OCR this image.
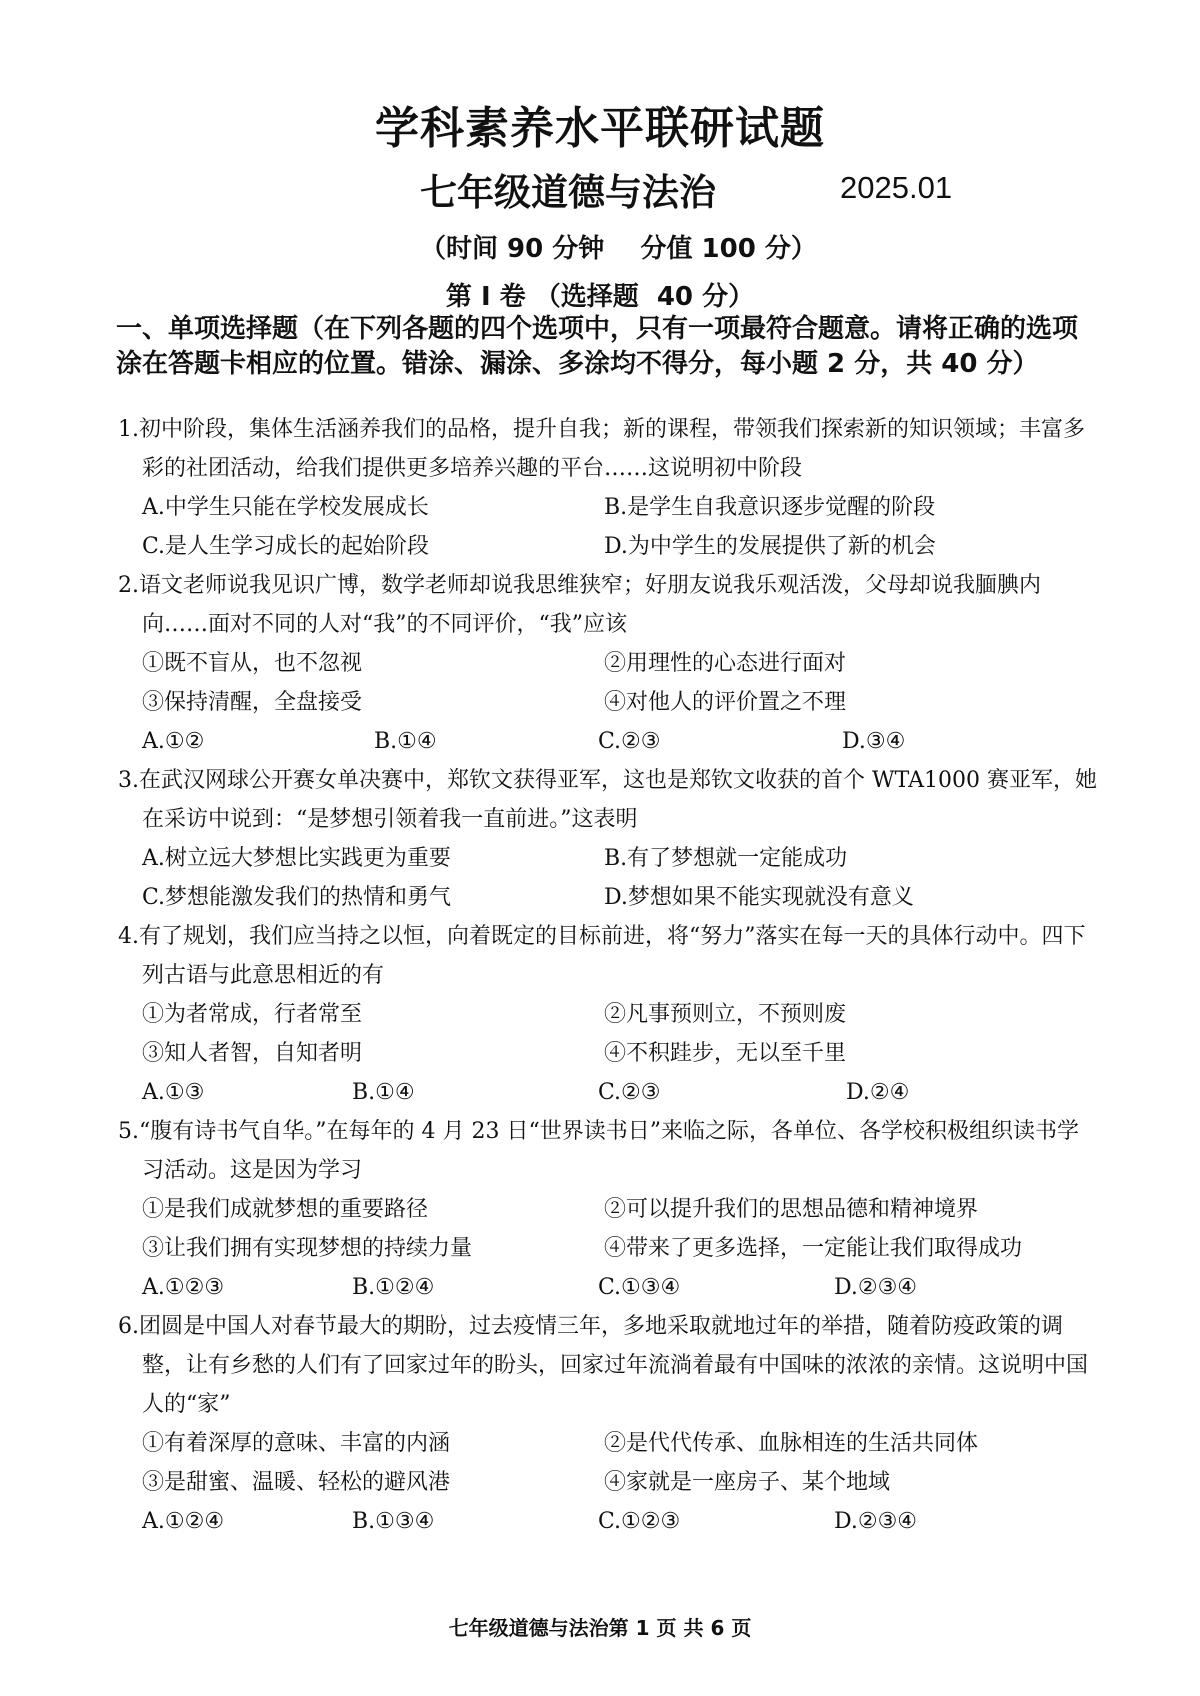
学科素养水平联研试题
七年级道德与法治	2025.01
（时间 90 分钟    分值 100 分）
第 I 卷 （选择题  40 分）

一、单项选择题（在下列各题的四个选项中，只有一项最符合题意。请将正确的选项涂在答题卡相应的位置。错涂、漏涂、多涂均不得分，每小题 2 分，共 40 分）

1.初中阶段，集体生活涵养我们的品格，提升自我；新的课程，带领我们探索新的知识领域；丰富多彩的社团活动，给我们提供更多培养兴趣的平台……这说明初中阶段
A.中学生只能在学校发展成长	B.是学生自我意识逐步觉醒的阶段
C.是人生学习成长的起始阶段	D.为中学生的发展提供了新的机会
2.语文老师说我见识广博，数学老师却说我思维狭窄；好朋友说我乐观活泼，父母却说我腼腆内向……面对不同的人对“我”的不同评价，“我”应该
①既不盲从，也不忽视	②用理性的心态进行面对
③保持清醒，全盘接受	④对他人的评价置之不理
A.①②	B.①④	C.②③	D.③④
3.在武汉网球公开赛女单决赛中，郑钦文获得亚军，这也是郑钦文收获的首个 WTA1000 赛亚军，她在采访中说到：“是梦想引领着我一直前进。”这表明
A.树立远大梦想比实践更为重要	B.有了梦想就一定能成功
C.梦想能激发我们的热情和勇气	D.梦想如果不能实现就没有意义
4.有了规划，我们应当持之以恒，向着既定的目标前进，将“努力”落实在每一天的具体行动中。四下列古语与此意思相近的有
①为者常成，行者常至	②凡事预则立，不预则废
③知人者智，自知者明	④不积跬步，无以至千里
A.①③	B.①④	C.②③	D.②④
5.“腹有诗书气自华。”在每年的 4 月 23 日“世界读书日”来临之际，各单位、各学校积极组织读书学习活动。这是因为学习
①是我们成就梦想的重要路径	②可以提升我们的思想品德和精神境界
③让我们拥有实现梦想的持续力量	④带来了更多选择，一定能让我们取得成功
A.①②③	B.①②④	C.①③④	D.②③④
6.团圆是中国人对春节最大的期盼，过去疫情三年，多地采取就地过年的举措，随着防疫政策的调整，让有乡愁的人们有了回家过年的盼头，回家过年流淌着最有中国味的浓浓的亲情。这说明中国人的“家”
①有着深厚的意味、丰富的内涵	②是代代传承、血脉相连的生活共同体
③是甜蜜、温暖、轻松的避风港	④家就是一座房子、某个地域
A.①②④	B.①③④	C.①②③	D.②③④
七年级道德与法治第 1 页 共 6 页
